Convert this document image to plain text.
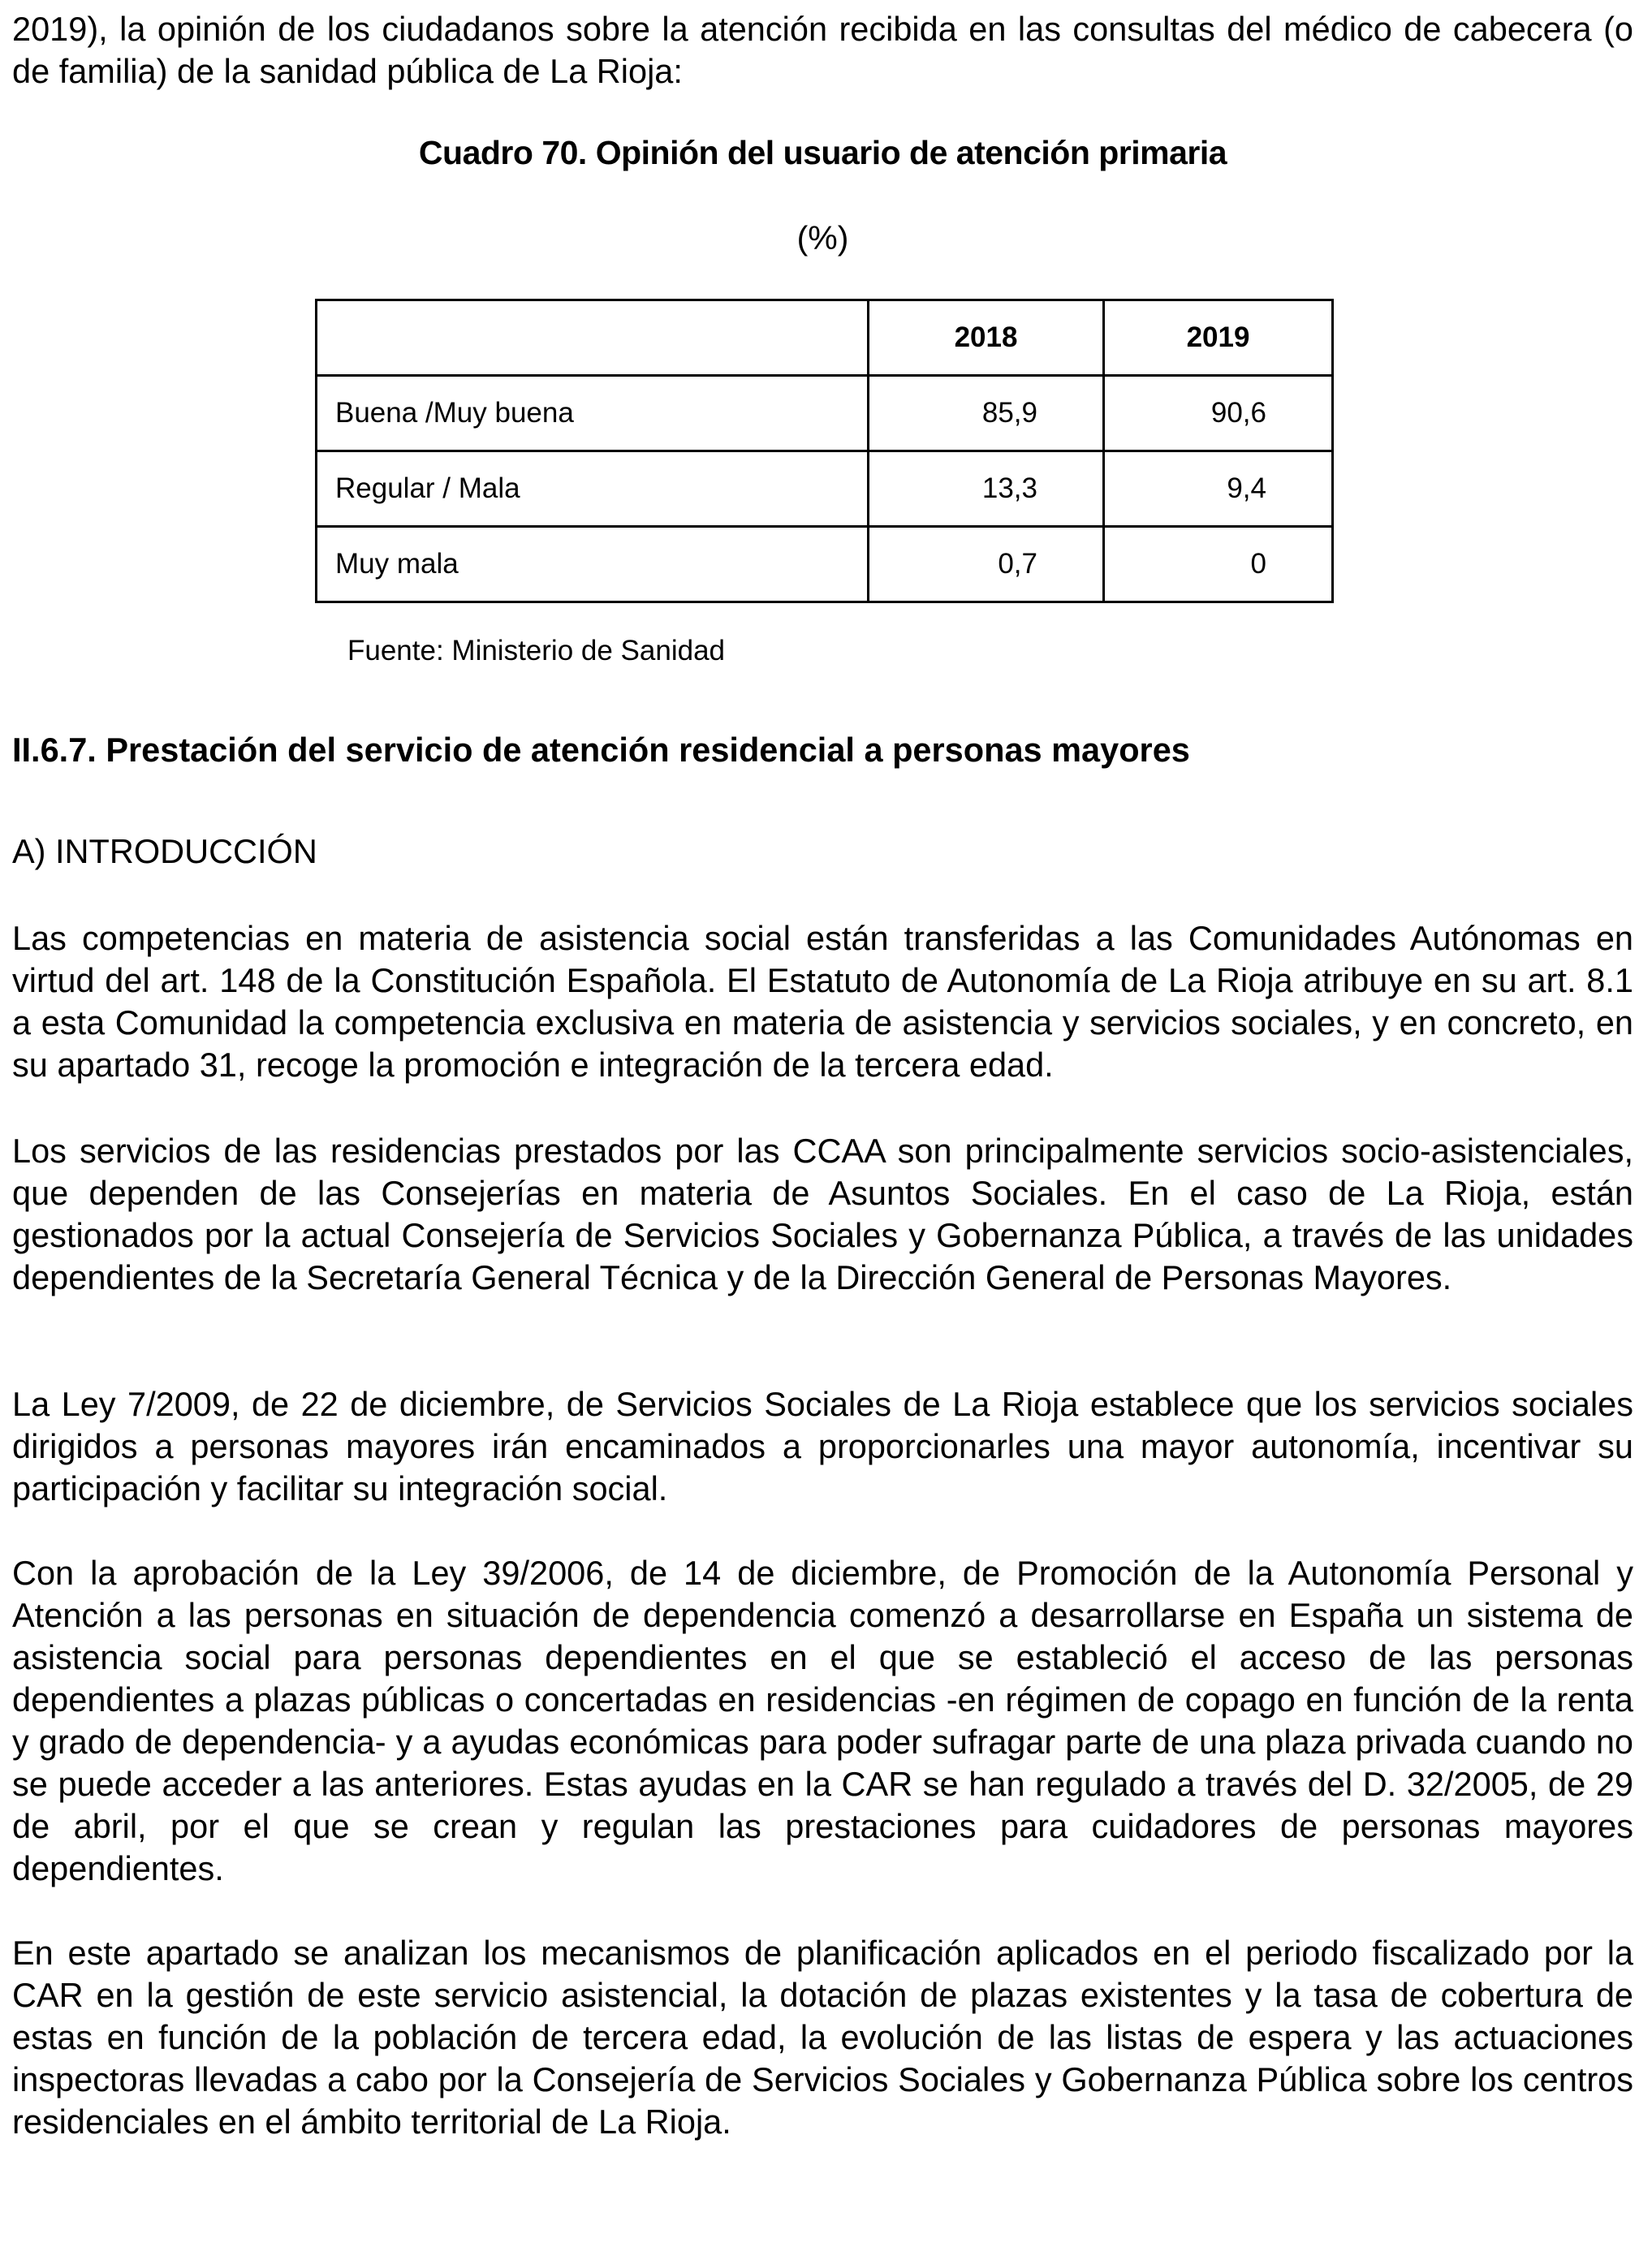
2019), la opinión de los ciudadanos sobre la atención recibida en las consultas del médico de cabecera (o de familia) de la sanidad pública de La Rioja:

Cuadro 70. Opinión del usuario de atención primaria

(%)

	2018	2019
Buena /Muy buena	85,9	90,6
Regular / Mala	13,3	9,4
Muy mala	0,7	0

Fuente: Ministerio de Sanidad

II.6.7. Prestación del servicio de atención residencial a personas mayores

A) INTRODUCCIÓN

Las competencias en materia de asistencia social están transferidas a las Comunidades Autónomas en virtud del art. 148 de la Constitución Española. El Estatuto de Autonomía de La Rioja atribuye en su art. 8.1 a esta Comunidad la competencia exclusiva en materia de asistencia y servicios sociales, y en concreto, en su apartado 31, recoge la promoción e integración de la tercera edad.

Los servicios de las residencias prestados por las CCAA son principalmente servicios socio-asistenciales, que dependen de las Consejerías en materia de Asuntos Sociales. En el caso de La Rioja, están gestionados por la actual Consejería de Servicios Sociales y Gobernanza Pública, a través de las unidades dependientes de la Secretaría General Técnica y de la Dirección General de Personas Mayores.

La Ley 7/2009, de 22 de diciembre, de Servicios Sociales de La Rioja establece que los servicios sociales dirigidos a personas mayores irán encaminados a proporcionarles una mayor autonomía, incentivar su participación y facilitar su integración social.

Con la aprobación de la Ley 39/2006, de 14 de diciembre, de Promoción de la Autonomía Personal y Atención a las personas en situación de dependencia comenzó a desarrollarse en España un sistema de asistencia social para personas dependientes en el que se estableció el acceso de las personas dependientes a plazas públicas o concertadas en residencias -en régimen de copago en función de la renta y grado de dependencia- y a ayudas económicas para poder sufragar parte de una plaza privada cuando no se puede acceder a las anteriores. Estas ayudas en la CAR se han regulado a través del D. 32/2005, de 29 de abril, por el que se crean y regulan las prestaciones para cuidadores de personas mayores dependientes.

En este apartado se analizan los mecanismos de planificación aplicados en el periodo fiscalizado por la CAR en la gestión de este servicio asistencial, la dotación de plazas existentes y la tasa de cobertura de estas en función de la población de tercera edad, la evolución de las listas de espera y las actuaciones inspectoras llevadas a cabo por la Consejería de Servicios Sociales y Gobernanza Pública sobre los centros residenciales en el ámbito territorial de La Rioja.
